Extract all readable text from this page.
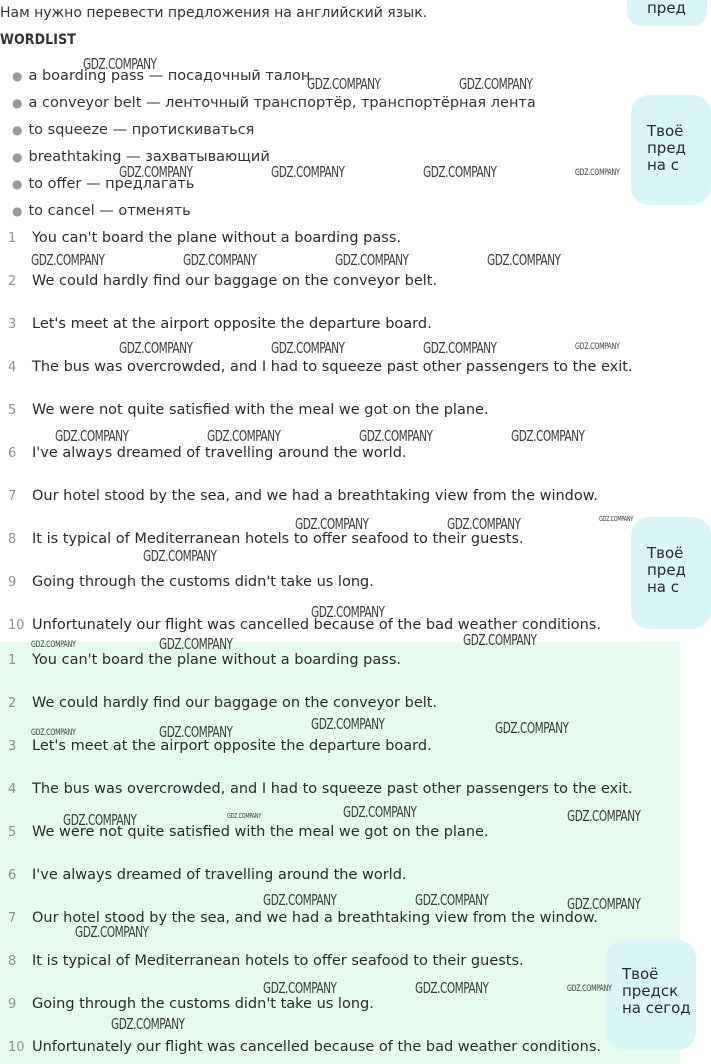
Нам нужно перевести предложения на английский язык.
WORDLIST
● a boarding pass — посадочный талон
● a conveyor belt — ленточный транспортёр, транспортёрная лента
● to squeeze — протискиваться
● breathtaking — захватывающий
● to offer — предлагать
● to cancel — отменять
1 You can't board the plane without a boarding pass.
2 We could hardly find our baggage on the conveyor belt.
3 Let's meet at the airport opposite the departure board.
4 The bus was overcrowded, and I had to squeeze past other passengers to the exit.
5 We were not quite satisfied with the meal we got on the plane.
6 I've always dreamed of travelling around the world.
7 Our hotel stood by the sea, and we had a breathtaking view from the window.
8 It is typical of Mediterranean hotels to offer seafood to their guests.
9 Going through the customs didn't take us long.
10 Unfortunately our flight was cancelled because of the bad weather conditions.
1 You can't board the plane without a boarding pass.
2 We could hardly find our baggage on the conveyor belt.
3 Let's meet at the airport opposite the departure board.
4 The bus was overcrowded, and I had to squeeze past other passengers to the exit.
5 We were not quite satisfied with the meal we got on the plane.
6 I've always dreamed of travelling around the world.
7 Our hotel stood by the sea, and we had a breathtaking view from the window.
8 It is typical of Mediterranean hotels to offer seafood to their guests.
9 Going through the customs didn't take us long.
10 Unfortunately our flight was cancelled because of the bad weather conditions.
пред
Твоё
пред
на с
Твоё
пред
на с
Твоё
предск
на сегод
GDZ.COMPANY
GDZ.COMPANY	GDZ.COMPANY
GDZ.COMPANY	GDZ.COMPANY	GDZ.COMPANY	GDZ.COMPANY
GDZ.COMPANY	GDZ.COMPANY	GDZ.COMPANY	GDZ.COMPANY
GDZ.COMPANY	GDZ.COMPANY	GDZ.COMPANY	GDZ.COMPANY
GDZ.COMPANY	GDZ.COMPANY	GDZ.COMPANY	GDZ.COMPANY
GDZ.COMPANY	GDZ.COMPANY	GDZ.COMPANY
GDZ.COMPANY
GDZ.COMPANY
GDZ.COMPANY	GDZ.COMPANY	GDZ.COMPANY
GDZ.COMPANY
GDZ.COMPANY	GDZ.COMPANY	GDZ.COMPANY
GDZ.COMPANY
GDZ.COMPANY	GDZ.COMPANY	GDZ.COMPANY
GDZ.COMPANY	GDZ.COMPANY	GDZ.COMPANY
GDZ.COMPANY
GDZ.COMPANY	GDZ.COMPANY	GDZ.COMPANY
GDZ.COMPANY
